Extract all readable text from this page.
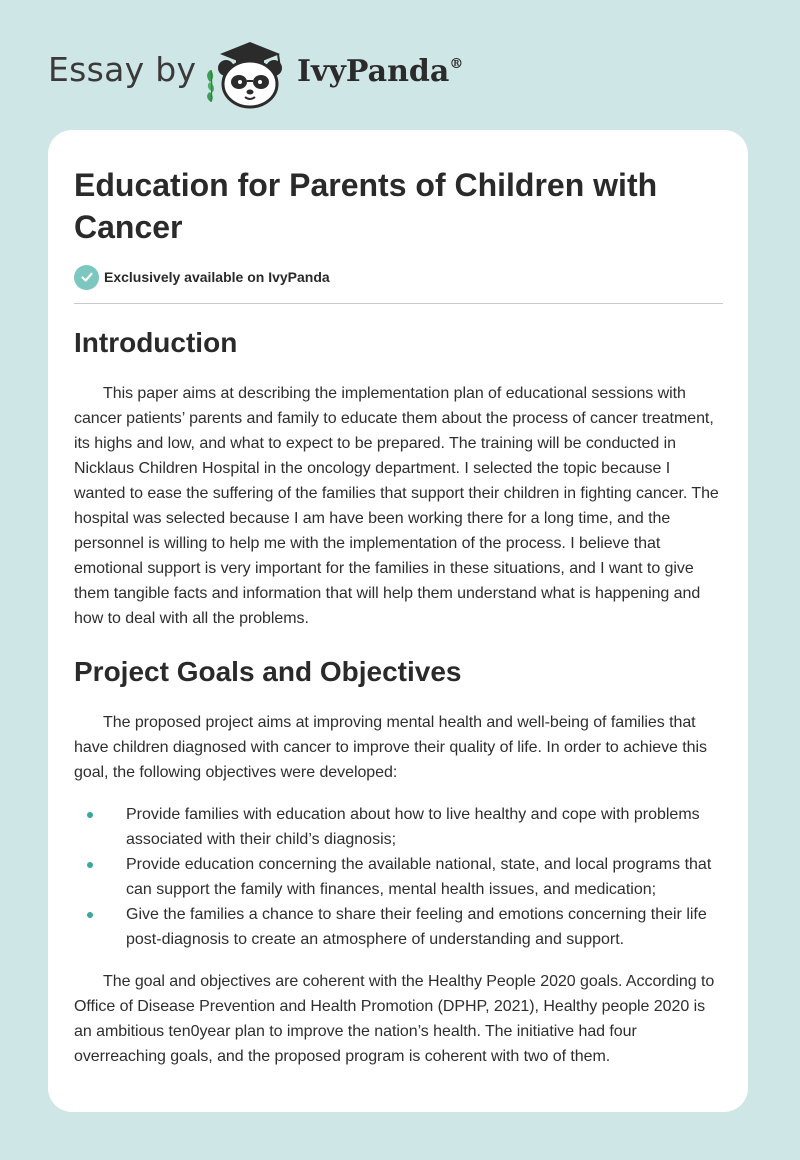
Essay by	IvyPanda®
Education for Parents of Children with Cancer
Exclusively available on IvyPanda
Introduction

This paper aims at describing the implementation plan of educational sessions with cancer patients’ parents and family to educate them about the process of cancer treatment, its highs and low, and what to expect to be prepared. The training will be conducted in Nicklaus Children Hospital in the oncology department. I selected the topic because I wanted to ease the suffering of the families that support their children in fighting cancer. The hospital was selected because I am have been working there for a long time, and the personnel is willing to help me with the implementation of the process. I believe that emotional support is very important for the families in these situations, and I want to give them tangible facts and information that will help them understand what is happening and how to deal with all the problems.

Project Goals and Objectives

The proposed project aims at improving mental health and well-being of families that have children diagnosed with cancer to improve their quality of life. In order to achieve this goal, the following objectives were developed:

Provide families with education about how to live healthy and cope with problems associated with their child’s diagnosis;
Provide education concerning the available national, state, and local programs that can support the family with finances, mental health issues, and medication;
Give the families a chance to share their feeling and emotions concerning their life post-diagnosis to create an atmosphere of understanding and support.

The goal and objectives are coherent with the Healthy People 2020 goals. According to Office of Disease Prevention and Health Promotion (DPHP, 2021), Healthy people 2020 is an ambitious ten0year plan to improve the nation’s health. The initiative had four overreaching goals, and the proposed program is coherent with two of them.
